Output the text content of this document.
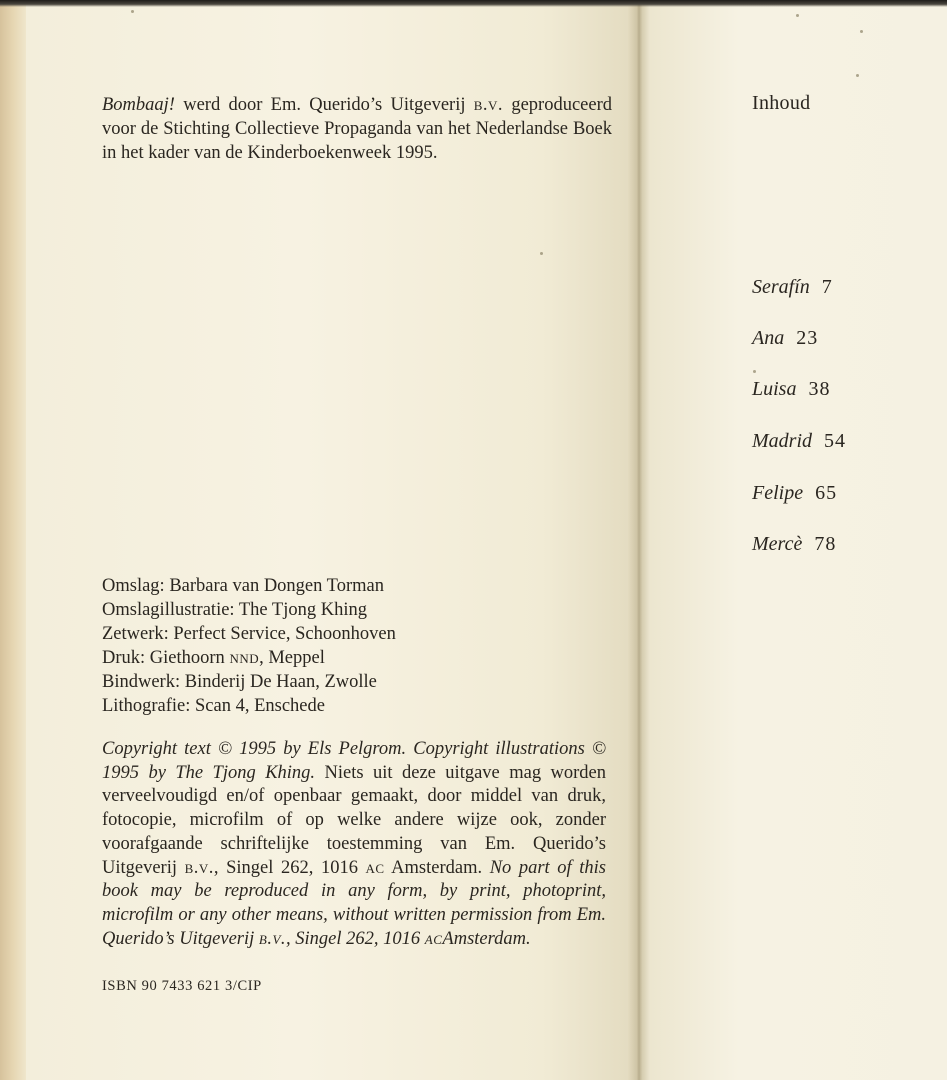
Bombaaj! werd door Em. Querido’s Uitgeverij b.v. geproduceerd voor de Stichting Collectieve Propaganda van het Nederlandse Boek in het kader van de Kinderboekenweek 1995.
Omslag: Barbara van Dongen Torman
Omslagillustratie: The Tjong Khing
Zetwerk: Perfect Service, Schoonhoven
Druk: Giethoorn nnd, Meppel
Bindwerk: Binderij De Haan, Zwolle
Lithografie: Scan 4, Enschede
Copyright text © 1995 by Els Pelgrom. Copyright illustrations © 1995 by The Tjong Khing. Niets uit deze uitgave mag worden verveelvoudigd en/of openbaar gemaakt, door middel van druk, fotocopie, microfilm of op welke andere wijze ook, zonder voorafgaande schriftelijke toestemming van Em. Querido’s Uitgeverij b.v., Singel 262, 1016 ac Amsterdam. No part of this book may be reproduced in any form, by print, photoprint, microfilm or any other means, without written permission from Em. Querido’s Uitgeverij b.v., Singel 262, 1016 acAmsterdam.
ISBN 90 7433 621 3/CIP
Inhoud
Serafín 7
Ana 23
Luisa 38
Madrid 54
Felipe 65
Mercè 78
